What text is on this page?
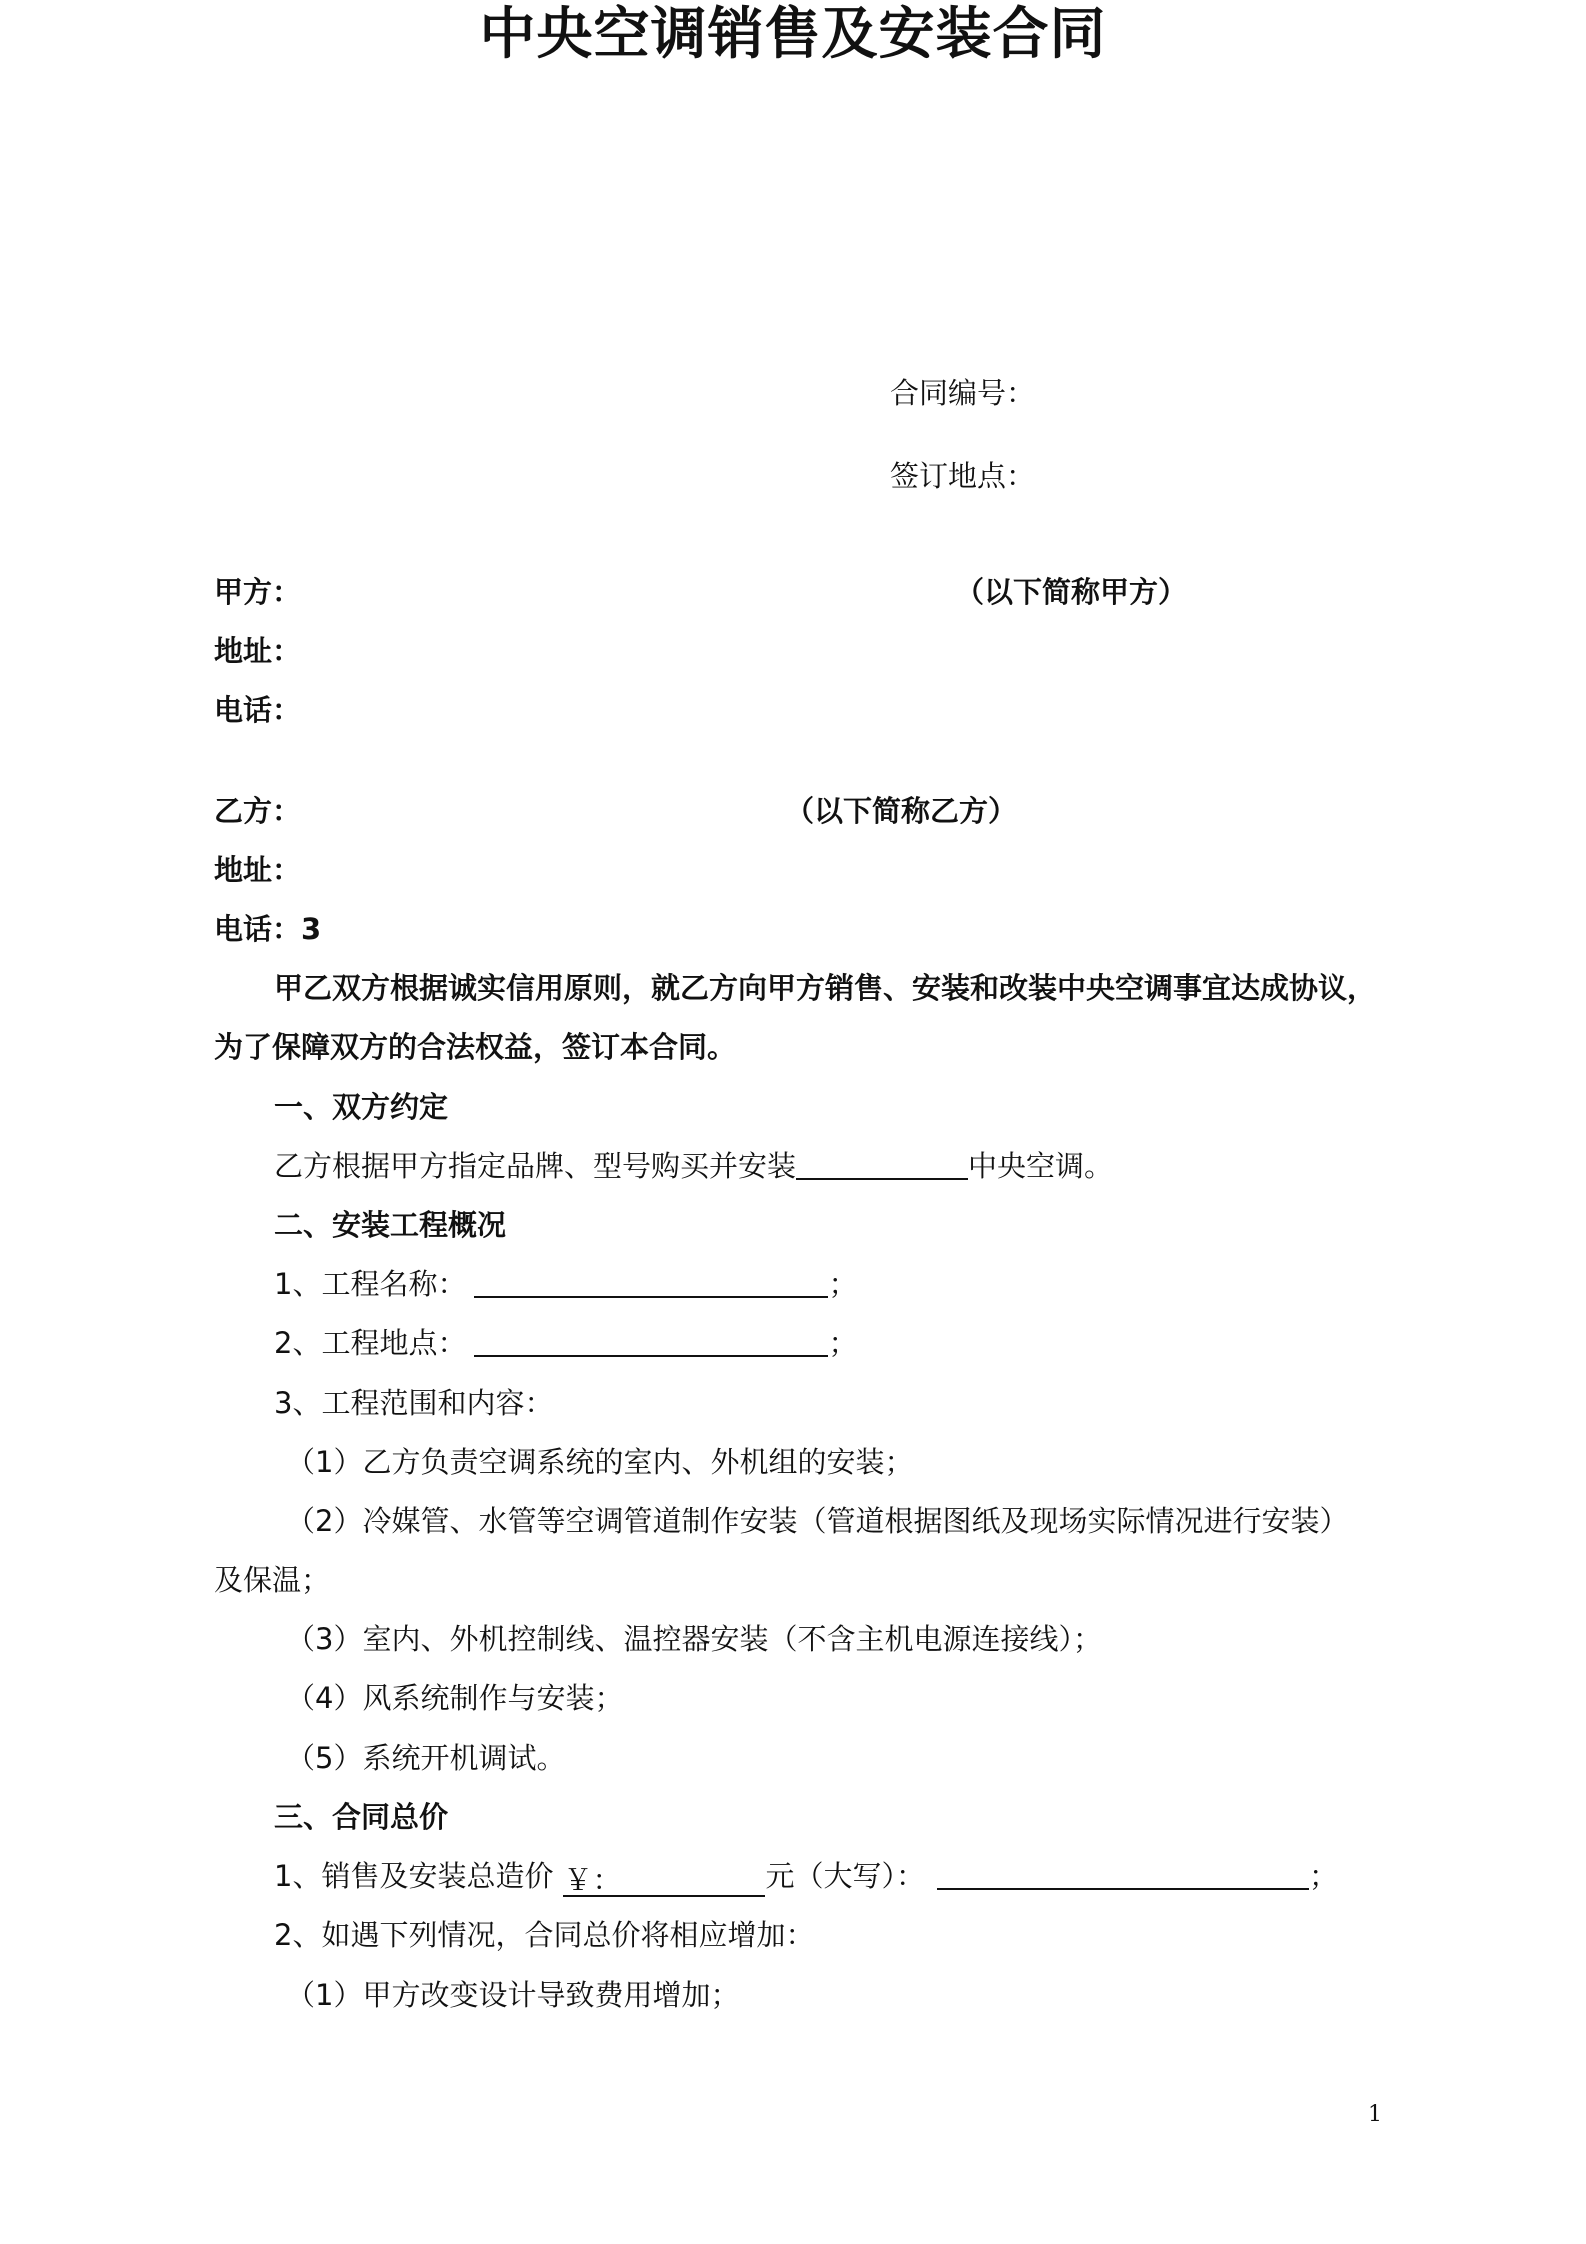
中央空调销售及安装合同
合同编号：
签订地点：
甲方：	（以下简称甲方）
地址：
电话：
乙方：	（以下简称乙方）
地址：
电话：3
甲乙双方根据诚实信用原则，就乙方向甲方销售、安装和改装中央空调事宜达成协议，
为了保障双方的合法权益，签订本合同。
一、双方约定
乙方根据甲方指定品牌、型号购买并安装	中央空调。
二、安装工程概况
1、工程名称：	；
2、工程地点：	；
3、工程范围和内容：
（1）乙方负责空调系统的室内、外机组的安装；
（2）冷媒管、水管等空调管道制作安装（管道根据图纸及现场实际情况进行安装）
及保温；
（3）室内、外机控制线、温控器安装（不含主机电源连接线）；
（4）风系统制作与安装；
（5）系统开机调试。
三、合同总价
1、销售及安装总造价 ￥：	元（大写）：	；
2、如遇下列情况，合同总价将相应增加：
（1）甲方改变设计导致费用增加；
1
